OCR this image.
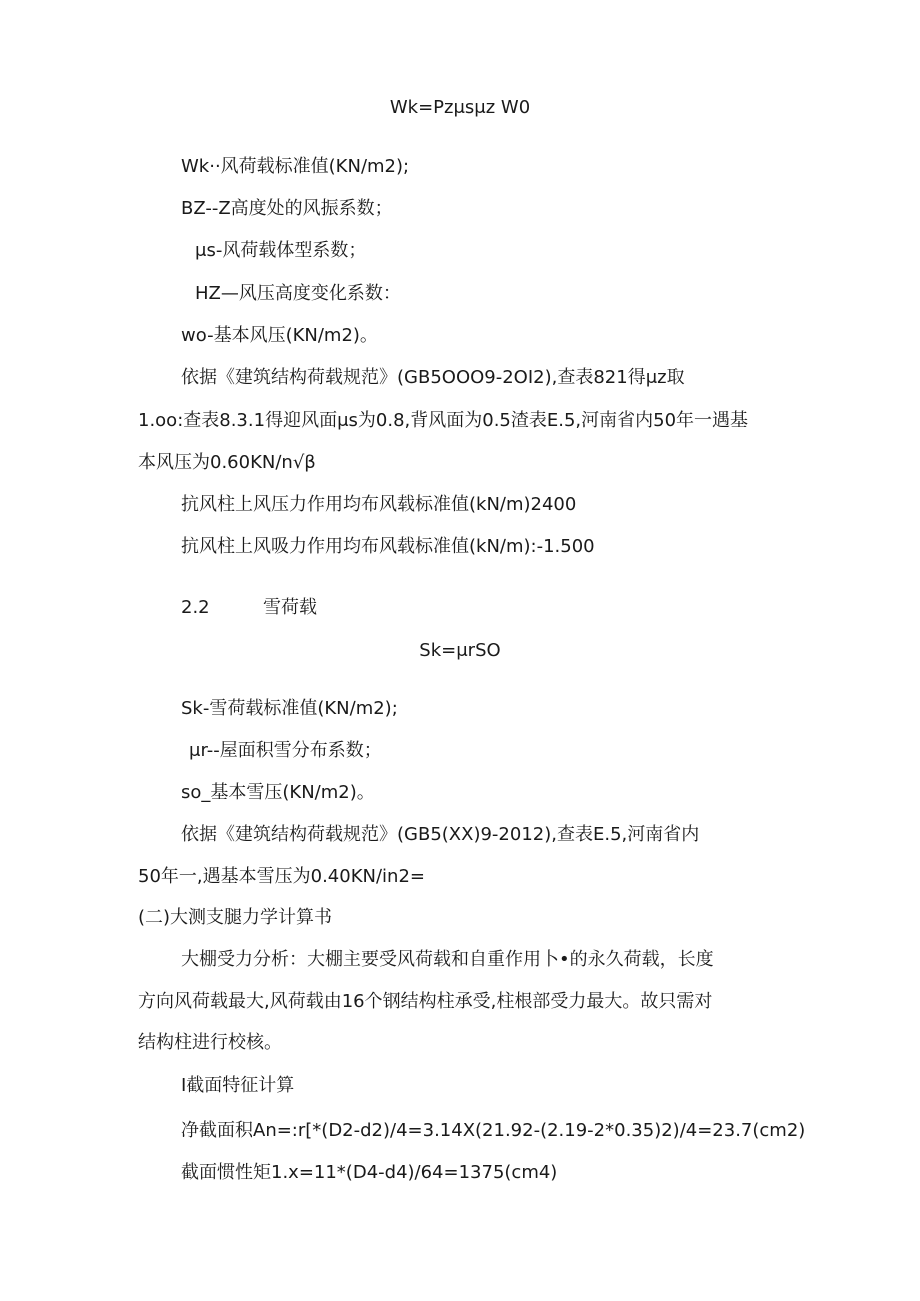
Wk=Pzμsμz W0
Wk··风荷载标准值(KN/m2);
BZ--Z高度处的风振系数；
μs-风荷载体型系数；
HZ—风压高度变化系数：
wo-基本风压(KN/m2)。
依据《建筑结构荷载规范》(GB5OOO9-2OI2),查表821得μz取
1.oo:查表8.3.1得迎风面μs为0.8,背风面为0.5渣表E.5,河南省内50年一遇基
本风压为0.60KN∕n√β
抗风柱上风压力作用均布风载标准值(kN∕m)2400
抗风柱上风吸力作用均布风载标准值(kN∕m):-1.500
2.2	雪荷载
Sk=μrSO
Sk-雪荷载标准值(KN∕m2);
μr--屋面积雪分布系数；
so_基本雪压(KN/m2)。
依据《建筑结构荷载规范》(GB5(XX)9-2012),查表E.5,河南省内
50年一,遇基本雪压为0.40KN∕in2=
(二)大测支腿力学计算书
大棚受力分析：大棚主要受风荷载和自重作用卜•的永久荷载，长度
方向风荷载最大,风荷载由16个钢结构柱承受,柱根部受力最大。故只需对
结构柱进行校核。
I截面特征计算
净截面积An=:r[*(D2-d2)/4=3.14X(21.92-(2.19-2*0.35)2)/4=23.7(cm2)
截面惯性矩1.x=11*(D4-d4)/64=1375(cm4)
